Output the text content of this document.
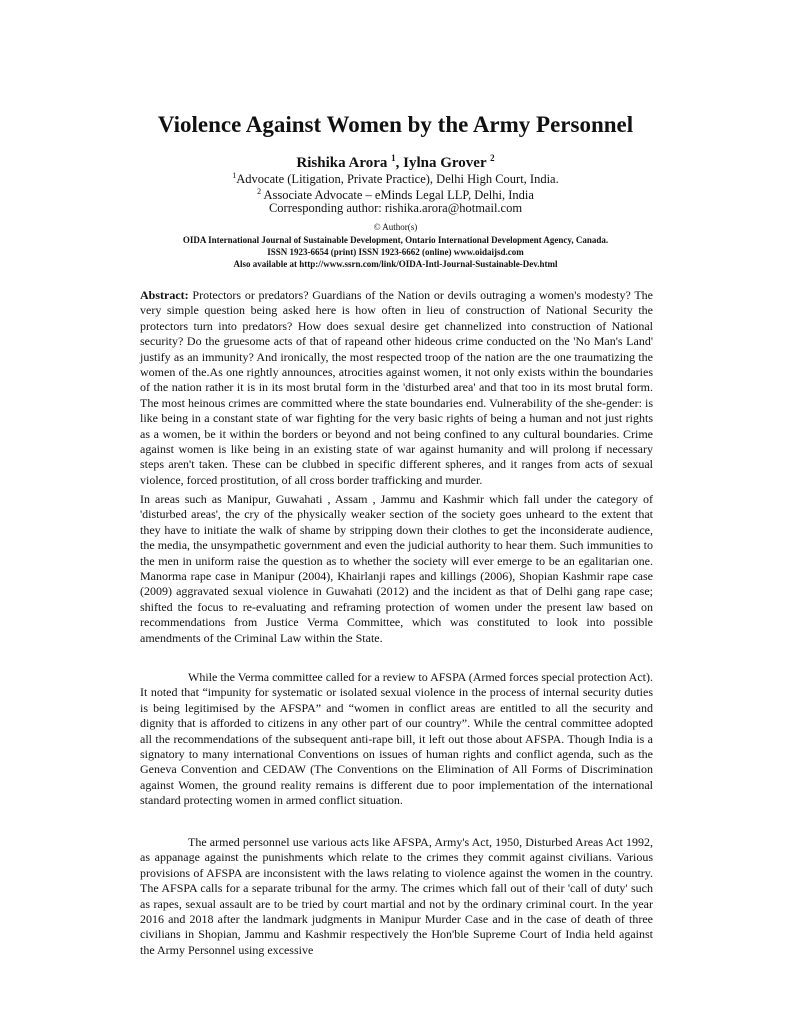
Violence Against Women by the Army Personnel

Rishika Arora $^1$, Iylna Grover $^2$

$^1$Advocate (Litigation, Private Practice), Delhi High Court, India.

$^2$ Associate Advocate – eMinds Legal LLP, Delhi, India

Corresponding author: rishika.arora@hotmail.com

© Author(s)

OIDA International Journal of Sustainable Development, Ontario International Development Agency, Canada.

ISSN 1923-6654 (print) ISSN 1923-6662 (online) www.oidaijsd.com

Also available at http://www.ssrn.com/link/OIDA-Intl-Journal-Sustainable-Dev.html

Abstract: Protectors or predators? Guardians of the Nation or devils outraging a women's modesty? The very simple question being asked here is how often in lieu of construction of National Security the protectors turn into predators? How does sexual desire get channelized into construction of National security? Do the gruesome acts of that of rapeand other hideous crime conducted on the 'No Man's Land' justify as an immunity? And ironically, the most respected troop of the nation are the one traumatizing the women of the.As one rightly announces, atrocities against women, it not only exists within the boundaries of the nation rather it is in its most brutal form in the 'disturbed area' and that too in its most brutal form. The most heinous crimes are committed where the state boundaries end. Vulnerability of the she-gender: is like being in a constant state of war fighting for the very basic rights of being a human and not just rights as a women, be it within the borders or beyond and not being confined to any cultural boundaries. Crime against women is like being in an existing state of war against humanity and will prolong if necessary steps aren't taken. These can be clubbed in specific different spheres, and it ranges from acts of sexual violence, forced prostitution, of all cross border trafficking and murder.

In areas such as Manipur, Guwahati , Assam , Jammu and Kashmir which fall under the category of 'disturbed areas', the cry of the physically weaker section of the society goes unheard to the extent that they have to initiate the walk of shame by stripping down their clothes to get the inconsiderate audience, the media, the unsympathetic government and even the judicial authority to hear them. Such immunities to the men in uniform raise the question as to whether the society will ever emerge to be an egalitarian one. Manorma rape case in Manipur (2004), Khairlanji rapes and killings (2006), Shopian Kashmir rape case (2009) aggravated sexual violence in Guwahati (2012) and the incident as that of Delhi gang rape case; shifted the focus to re-evaluating and reframing protection of women under the present law based on recommendations from Justice Verma Committee, which was constituted to look into possible amendments of the Criminal Law within the State.

While the Verma committee called for a review to AFSPA (Armed forces special protection Act). It noted that “impunity for systematic or isolated sexual violence in the process of internal security duties is being legitimised by the AFSPA” and “women in conflict areas are entitled to all the security and dignity that is afforded to citizens in any other part of our country”. While the central committee adopted all the recommendations of the subsequent anti-rape bill, it left out those about AFSPA. Though India is a signatory to many international Conventions on issues of human rights and conflict agenda, such as the Geneva Convention and CEDAW (The Conventions on the Elimination of All Forms of Discrimination against Women, the ground reality remains is different due to poor implementation of the international standard protecting women in armed conflict situation.

The armed personnel use various acts like AFSPA, Army's Act, 1950, Disturbed Areas Act 1992, as appanage against the punishments which relate to the crimes they commit against civilians. Various provisions of AFSPA are inconsistent with the laws relating to violence against the women in the country. The AFSPA calls for a separate tribunal for the army. The crimes which fall out of their 'call of duty' such as rapes, sexual assault are to be tried by court martial and not by the ordinary criminal court. In the year 2016 and 2018 after the landmark judgments in Manipur Murder Case and in the case of death of three civilians in Shopian, Jammu and Kashmir respectively the Hon'ble Supreme Court of India held against the Army Personnel using excessive
